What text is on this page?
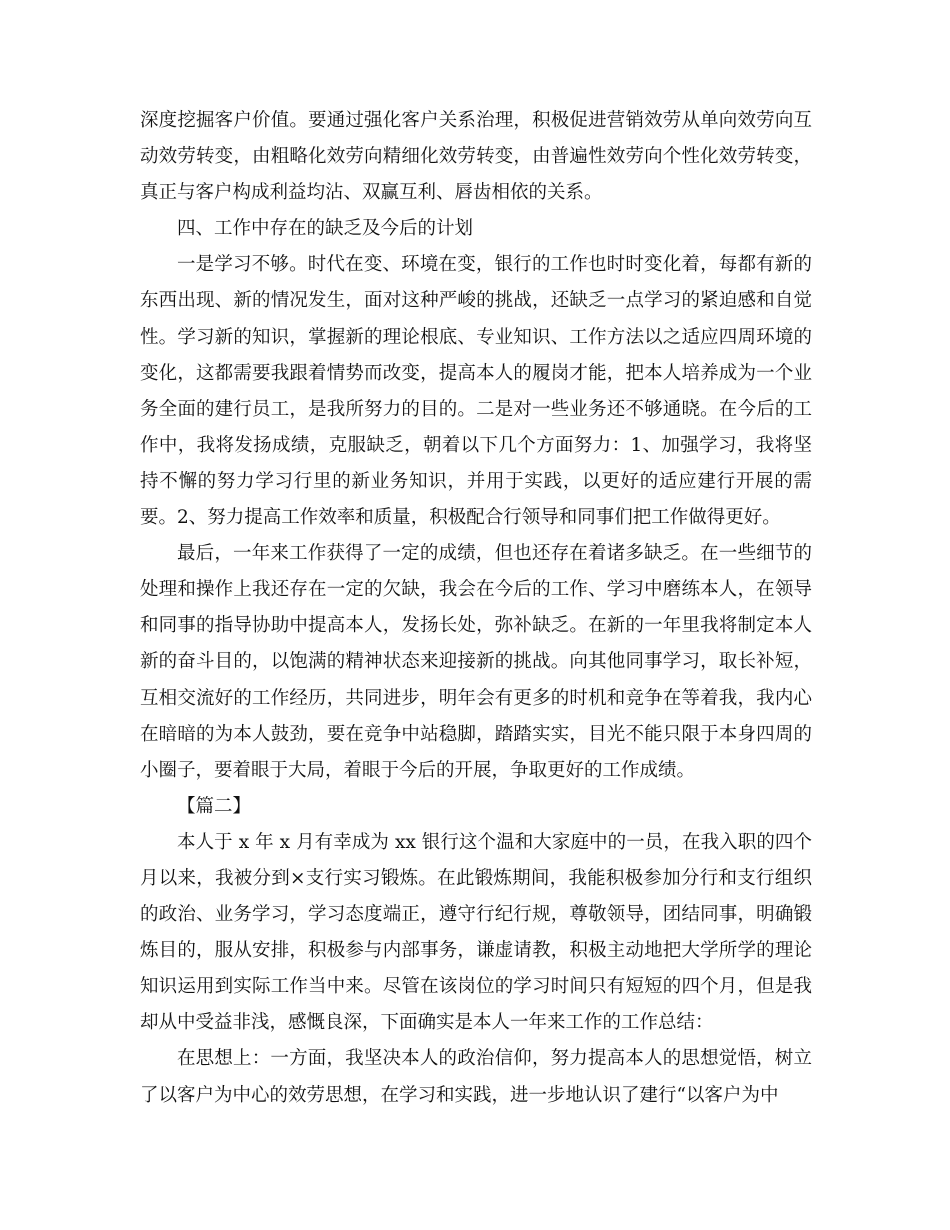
深度挖掘客户价值。要通过强化客户关系治理，积极促进营销效劳从单向效劳向互动效劳转变，由粗略化效劳向精细化效劳转变，由普遍性效劳向个性化效劳转变，真正与客户构成利益均沾、双赢互利、唇齿相依的关系。

四、工作中存在的缺乏及今后的计划

一是学习不够。时代在变、环境在变，银行的工作也时时变化着，每都有新的东西出现、新的情况发生，面对这种严峻的挑战，还缺乏一点学习的紧迫感和自觉性。学习新的知识，掌握新的理论根底、专业知识、工作方法以之适应四周环境的变化，这都需要我跟着情势而改变，提高本人的履岗才能，把本人培养成为一个业务全面的建行员工，是我所努力的目的。二是对一些业务还不够通晓。在今后的工作中，我将发扬成绩，克服缺乏，朝着以下几个方面努力：1、加强学习，我将坚持不懈的努力学习行里的新业务知识，并用于实践，以更好的适应建行开展的需要。2、努力提高工作效率和质量，积极配合行领导和同事们把工作做得更好。

最后，一年来工作获得了一定的成绩，但也还存在着诸多缺乏。在一些细节的处理和操作上我还存在一定的欠缺，我会在今后的工作、学习中磨练本人，在领导和同事的指导协助中提高本人，发扬长处，弥补缺乏。在新的一年里我将制定本人新的奋斗目的，以饱满的精神状态来迎接新的挑战。向其他同事学习，取长补短，互相交流好的工作经历，共同进步，明年会有更多的时机和竞争在等着我，我内心在暗暗的为本人鼓劲，要在竞争中站稳脚，踏踏实实，目光不能只限于本身四周的小圈子，要着眼于大局，着眼于今后的开展，争取更好的工作成绩。

【篇二】

本人于 x 年 x 月有幸成为 xx 银行这个温和大家庭中的一员，在我入职的四个月以来，我被分到×支行实习锻炼。在此锻炼期间，我能积极参加分行和支行组织的政治、业务学习，学习态度端正，遵守行纪行规，尊敬领导，团结同事，明确锻炼目的，服从安排，积极参与内部事务，谦虚请教，积极主动地把大学所学的理论知识运用到实际工作当中来。尽管在该岗位的学习时间只有短短的四个月，但是我却从中受益非浅，感慨良深，下面确实是本人一年来工作的工作总结：

在思想上：一方面，我坚决本人的政治信仰，努力提高本人的思想觉悟，树立了以客户为中心的效劳思想，在学习和实践，进一步地认识了建行“以客户为中
